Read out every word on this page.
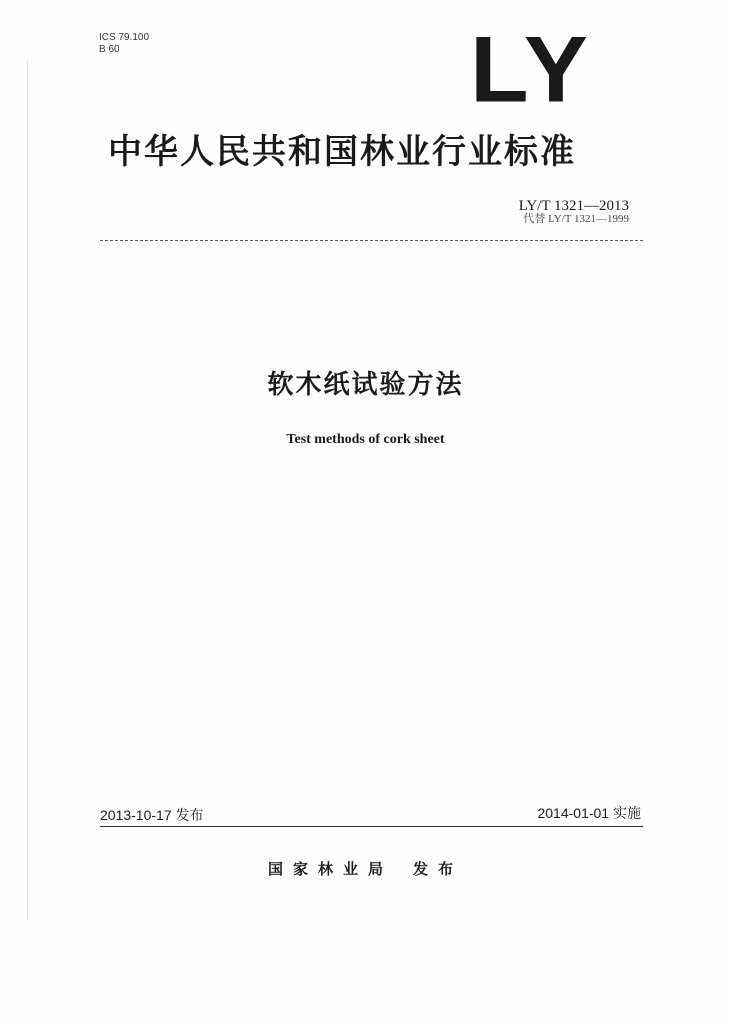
ICS 79.100
B 60	LY
中华人民共和国林业行业标准
LY/T 1321—2013
代替 LY/T 1321—1999
软木纸试验方法
Test methods of cork sheet
2013-10-17 发布	2014-01-01 实施
国家林业局 发布
